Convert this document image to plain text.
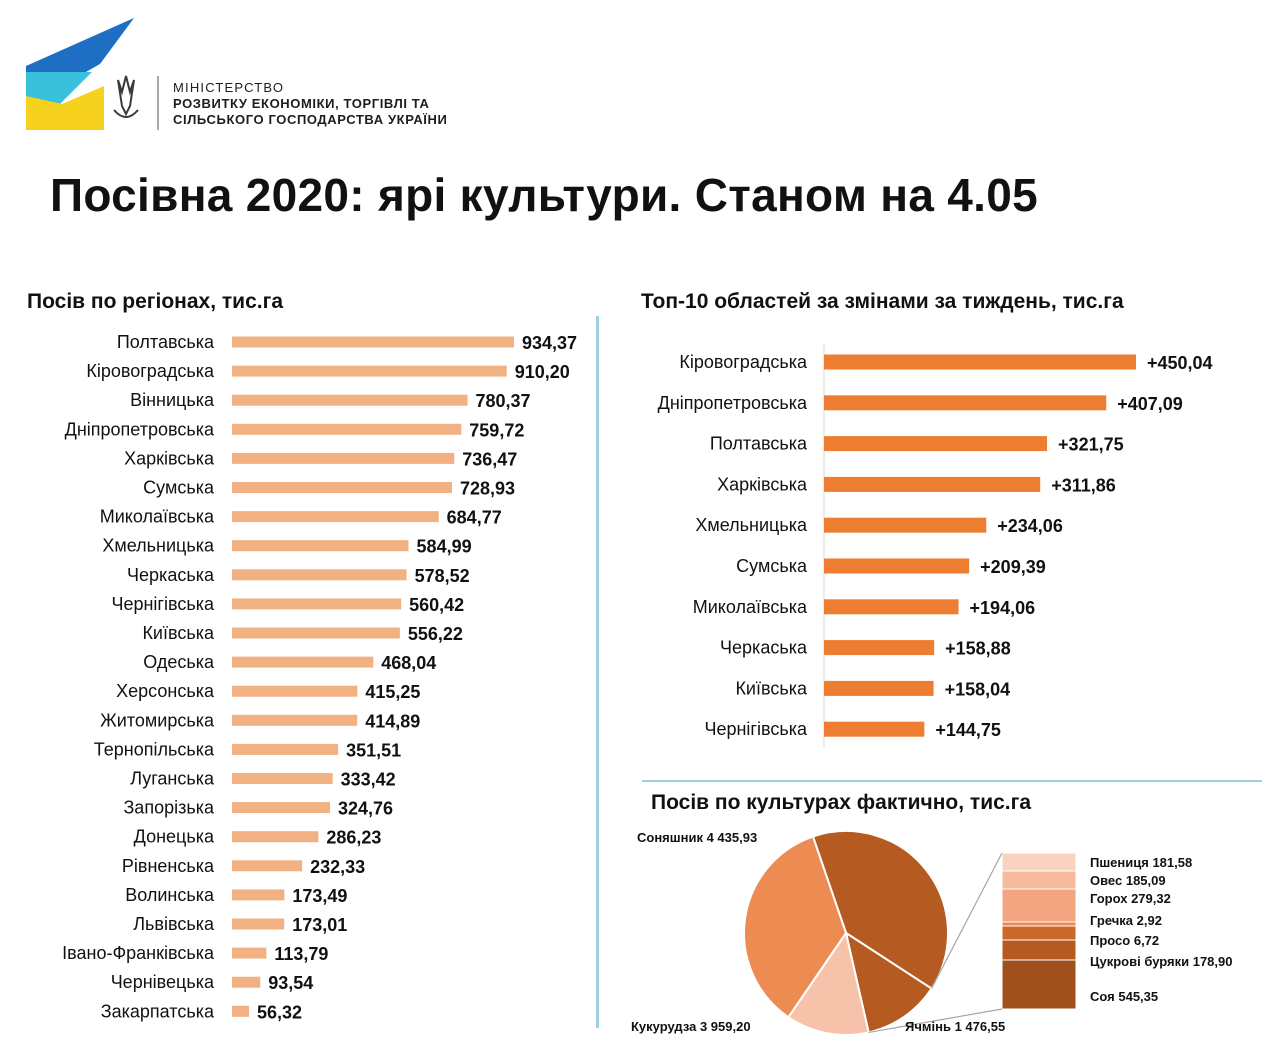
МІНІСТЕРСТВО
РОЗВИТКУ ЕКОНОМІКИ, ТОРГІВЛІ ТА
СІЛЬСЬКОГО ГОСПОДАРСТВА УКРАЇНИ
Посівна 2020: ярі культури. Станом на 4.05
Посів по регіонах, тис.га	Топ-10 областей за змінами за тиждень, тис.га
Посів по культурах фактично, тис.га
Полтавська	934,37
Кіровоградська	910,20
Вінницька	780,37
Дніпропетровська	759,72
Харківська	736,47
Сумська	728,93
Миколаївська	684,77
Хмельницька	584,99
Черкаська	578,52
Чернігівська	560,42
Київська	556,22
Одеська	468,04
Херсонська	415,25
Житомирська	414,89
Тернопільська	351,51
Луганська	333,42
Запорізька	324,76
Донецька	286,23
Рівненська	232,33
Волинська	173,49
Львівська	173,01
Івано-Франківська	113,79
Чернівецька	93,54
Закарпатська 56,32
Кіровоградська	+450,04
Дніпропетровська	+407,09
Полтавська	+321,75
Харківська	+311,86
Хмельницька	+234,06
Сумська	+209,39
Миколаївська	+194,06
Черкаська	+158,88
Київська	+158,04
Чернігівська	+144,75
Пшениця 181,58
Овес 185,09
Горох 279,32
Гречка 2,92
Просо 6,72
Цукрові буряки 178,90
Соя 545,35
Соняшник 4 435,93
Кукурудза 3 959,20	Ячмінь 1 476,55
